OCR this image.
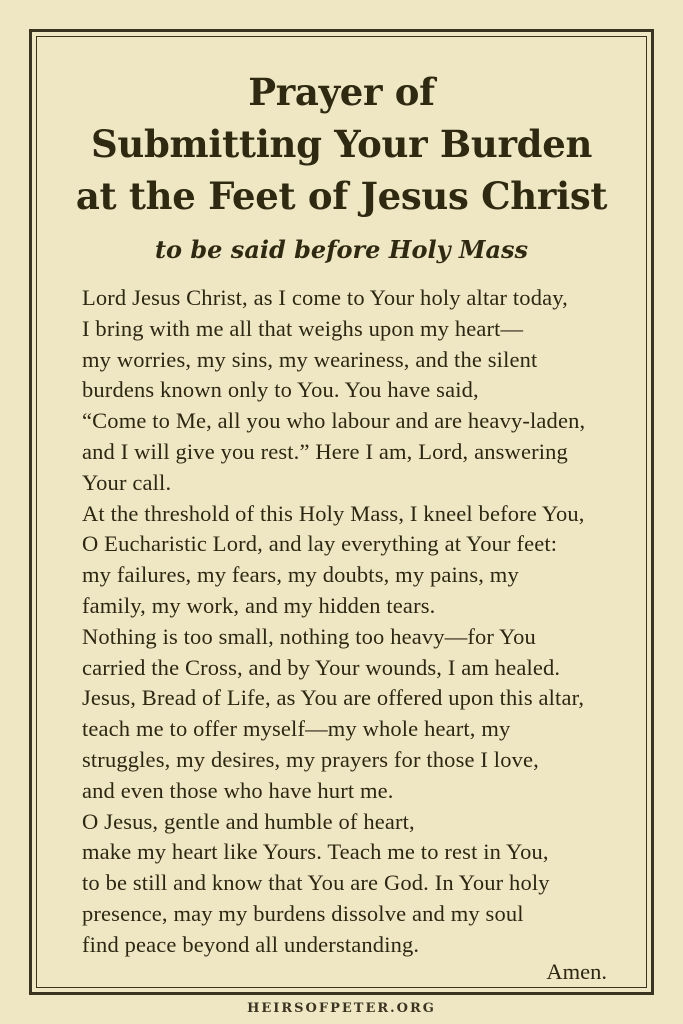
Prayer of
Submitting Your Burden
at the Feet of Jesus Christ
to be said before Holy Mass
Lord Jesus Christ, as I come to Your holy altar today,
I bring with me all that weighs upon my heart—
my worries, my sins, my weariness, and the silent
burdens known only to You. You have said,
“Come to Me, all you who labour and are heavy-laden,
and I will give you rest.” Here I am, Lord, answering
Your call.
At the threshold of this Holy Mass, I kneel before You,
O Eucharistic Lord, and lay everything at Your feet:
my failures, my fears, my doubts, my pains, my
family, my work, and my hidden tears.
Nothing is too small, nothing too heavy—for You
carried the Cross, and by Your wounds, I am healed.
Jesus, Bread of Life, as You are offered upon this altar,
teach me to offer myself—my whole heart, my
struggles, my desires, my prayers for those I love,
and even those who have hurt me.
O Jesus, gentle and humble of heart,
make my heart like Yours. Teach me to rest in You,
to be still and know that You are God. In Your holy
presence, may my burdens dissolve and my soul
find peace beyond all understanding.
Amen.
HEIRSOFPETER.ORG
